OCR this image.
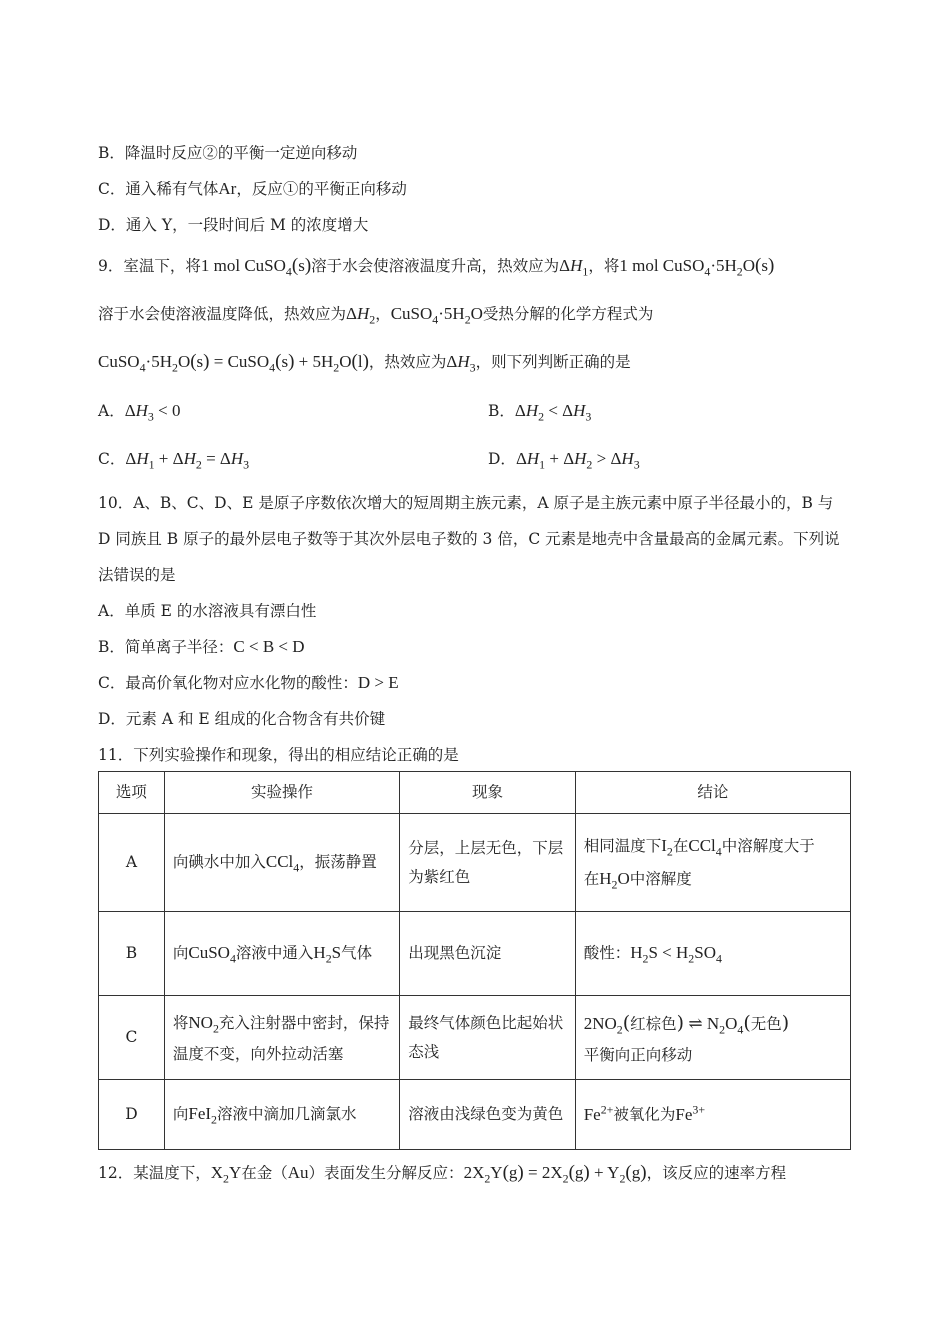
B．降温时反应②的平衡一定逆向移动
C．通入稀有气体Ar，反应①的平衡正向移动
D．通入 Y，一段时间后 M 的浓度增大
9．室温下，将1 mol CuSO$_4$(s)溶于水会使溶液温度升高，热效应为$\Delta H_1$，将1 mol $CuSO_4\cdot 5H_2O(s)$
溶于水会使溶液温度降低，热效应为$\Delta H_2$，$CuSO_4\cdot 5H_2O$受热分解的化学方程式为
$CuSO_4\cdot 5H_2O(s)$ = CuSO$_4$(s) + $5H_2O(l)$，热效应为$\Delta H_3$，则下列判断正确的是
A．$\Delta H_3 < 0$	B．$\Delta H_2 < \Delta H_3$
C．$\Delta H_1 + \Delta H_2 = \Delta H_3$	D．$\Delta H_1 + \Delta H_2 > \Delta H_3$
10．A、B、C、D、E 是原子序数依次增大的短周期主族元素，A 原子是主族元素中原子半径最小的，B 与
D 同族且 B 原子的最外层电子数等于其次外层电子数的 3 倍，C 元素是地壳中含量最高的金属元素。下列说
法错误的是
A．单质 E 的水溶液具有漂白性
B．简单离子半径：C < B < D
C．最高价氧化物对应水化物的酸性：D > E
D．元素 A 和 E 组成的化合物含有共价键
11．下列实验操作和现象，得出的相应结论正确的是
选项	实验操作	现象	结论
A	向碘水中加入CCl$_4$，振荡静置	分层，上层无色，下层为紫红色	相同温度下$I_2$在CCl$_4$中溶解度大于
在$H_2O$中溶解度
B	向CuSO$_4$溶液中通入$H_2S$气体	出现黑色沉淀	酸性：$H_2S < H_2SO_4$
C	将$NO_2$充入注射器中密封，保持温度不变，向外拉动活塞	最终气体颜色比起始状态浅	$2NO_2$(红棕色) ⇌ $N_2O_4$(无色)
平衡向正向移动
D	向FeI$_2$溶液中滴加几滴氯水	溶液由浅绿色变为黄色	$Fe^{2+}$被氧化为$Fe^{3+}$
12．某温度下，$X_2Y$在金（Au）表面发生分解反应：$2X_2Y(g) = 2X_2(g) + Y_2(g)$，该反应的速率方程
